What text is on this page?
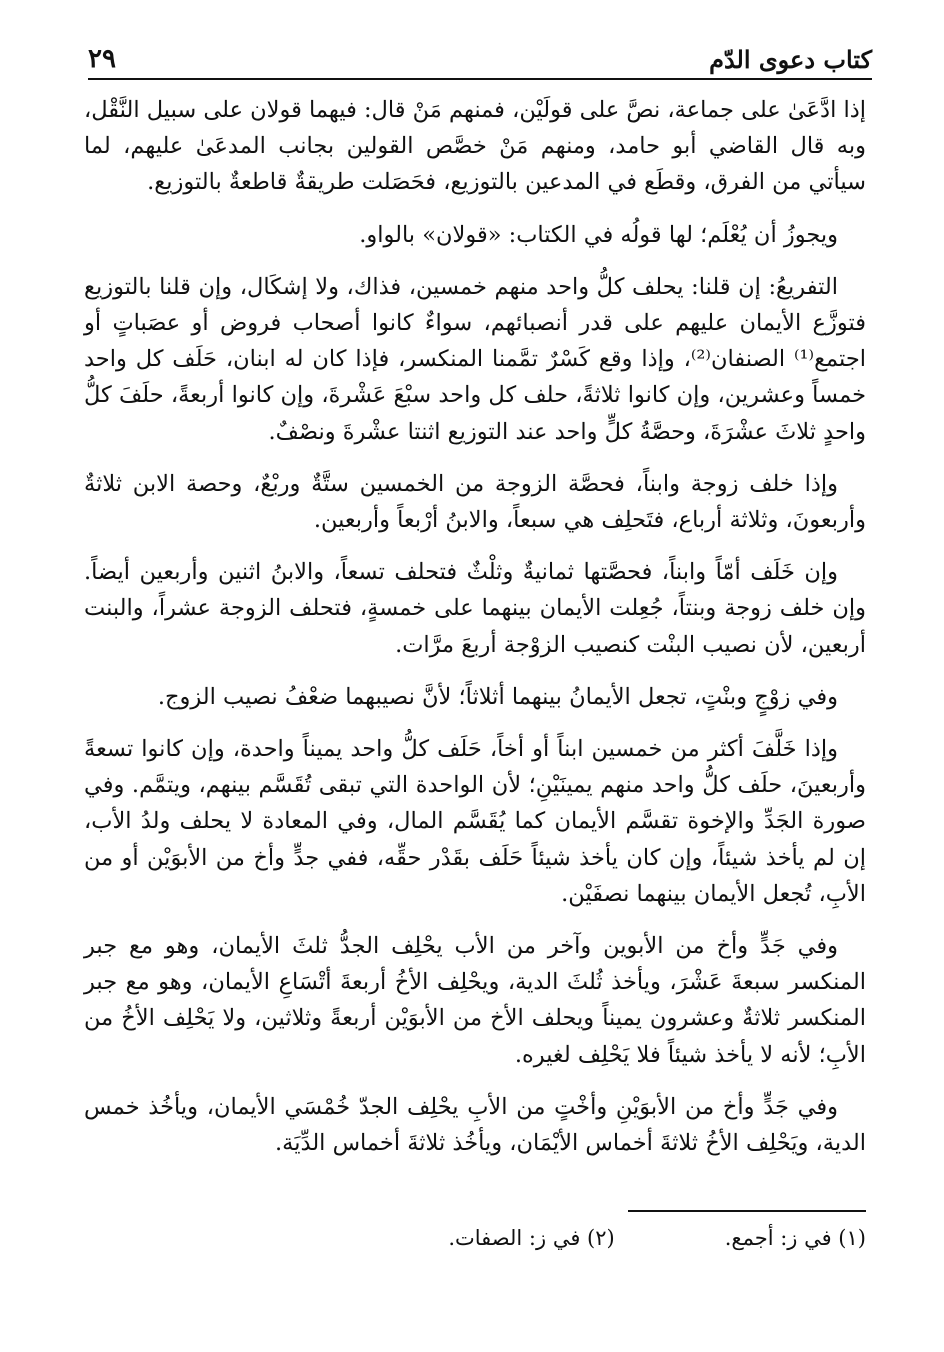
كتاب دعوى الدّم
٢٩

إذا ادَّعَىٰ على جماعة، نصَّ على قولَيْن، فمنهم مَنْ قال: فيهما قولان على سبيل النَّقْل، وبه قال القاضي أبو حامد، ومنهم مَنْ خصَّص القولين بجانب المدعَىٰ عليهم، لما سيأتي من الفرق، وقطَع في المدعين بالتوزيع، فحَصَلت طريقةٌ قاطعةٌ بالتوزيع.

ويجوزُ أن يُعْلَم؛ لها قولُه في الكتاب: «قولان» بالواو.

التفريعُ: إن قلنا: يحلف كلُّ واحد منهم خمسين، فذاك، ولا إشكَال، وإن قلنا بالتوزيع فتوزَّع الأيمان عليهم على قدر أنصبائهم، سواءٌ كانوا أصحاب فروض أو عصَباتٍ أو اجتمع⁽¹⁾ الصنفان⁽²⁾، وإذا وقع كَسْرٌ تمَّمنا المنكسر، فإذا كان له ابنان، حَلَف كل واحد خمساً وعشرين، وإن كانوا ثلاثةً، حلف كل واحد سبْعَ عَشْرةَ، وإن كانوا أربعةً، حلَفَ كلُّ واحدٍ ثلاثَ عشْرَةَ، وحصَّةُ كلٍّ واحد عند التوزيع اثنتا عشْرةَ ونصْفٌ.

وإذا خلف زوجة وابناً، فحصَّة الزوجة من الخمسين ستَّةٌ وربْعٌ، وحصة الابن ثلاثةٌ وأربعونَ، وثلاثة أرباع، فتَحلِف هي سبعاً، والابنُ أرْبعاً وأربعين.

وإن خَلَف أمّاً وابناً، فحصَّتها ثمانيةٌ وثلْثٌ فتحلف تسعاً، والابنُ اثنين وأربعين أيضاً. وإن خلف زوجة وبنتاً، جُعِلت الأيمان بينهما على خمسةٍ، فتحلف الزوجة عشراً، والبنت أربعين، لأن نصيب البنْت كنصيب الزوْجة أربعَ مرَّات.

وفي زوْجٍ وبنْتٍ، تجعل الأيمانُ بينهما أثلاثاً؛ لأنَّ نصيبهما ضعْفُ نصيب الزوج.

وإذا خَلَّفَ أكثر من خمسين ابناً أو أخاً، حَلَف كلُّ واحد يميناً واحدة، وإن كانوا تسعةً وأربعينَ، حلَف كلُّ واحد منهم يمينَيْنِ؛ لأن الواحدة التي تبقى تُقَسَّم بينهم، ويتمَّم. وفي صورة الجَدِّ والإخوة تقسَّم الأيمان كما يُقَسَّم المال، وفي المعادة لا يحلف ولدُ الأب، إن لم يأخذ شيئاً، وإن كان يأخذ شيئاً حَلَف بقَدْر حقِّه، ففي جدٍّ وأخ من الأبوَيْن أو من الأبِ، تُجعل الأيمان بينهما نصفَيْن.

وفي جَدٍّ وأخ من الأبوين وآخر من الأب يحْلِف الجدُّ ثلثَ الأيمان، وهو مع جبر المنكسر سبعةَ عَشْرَ، ويأخذ ثُلثَ الدية، ويحْلِف الأخُ أربعةَ أتْسَاعِ الأيمان، وهو مع جبر المنكسر ثلاثةٌ وعشرون يميناً ويحلف الأخ من الأبوَيْن أربعةً وثلاثين، ولا يَحْلِف الأخُ من الأبِ؛ لأنه لا يأخذ شيئاً فلا يَحْلِف لغيره.

وفي جَدٍّ وأخ من الأبوَيْنِ وأخْتٍ من الأبِ يحْلِف الجدّ خُمْسَي الأيمان، ويأخُذ خمس الدية، ويَحْلِف الأخُ ثلاثةَ أخماس الأيْمَان، ويأخُذ ثلاثةَ أخماس الدِّيَة.

(١) في ز: أجمع.
(٢) في ز: الصفات.
